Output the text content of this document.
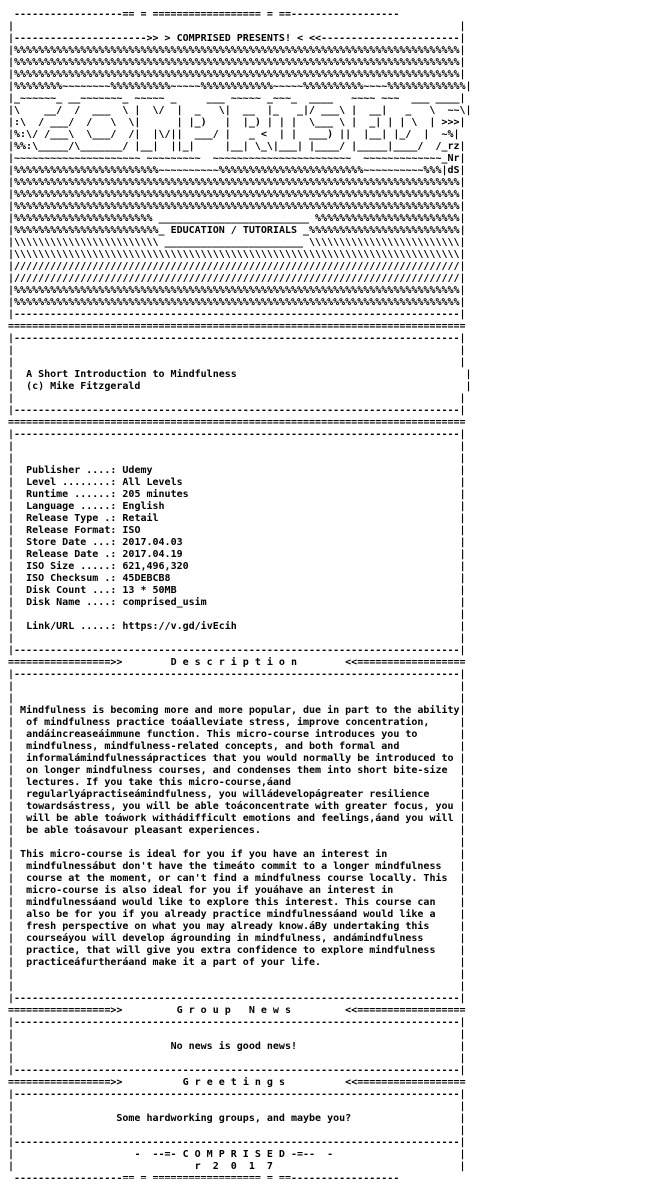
------------------== = ================== = ==------------------
|                                                                          |
|---------------------->> > COMPRISED PRESENTS! < <<-----------------------|
|%%%%%%%%%%%%%%%%%%%%%%%%%%%%%%%%%%%%%%%%%%%%%%%%%%%%%%%%%%%%%%%%%%%%%%%%%%|
|%%%%%%%%%%%%%%%%%%%%%%%%%%%%%%%%%%%%%%%%%%%%%%%%%%%%%%%%%%%%%%%%%%%%%%%%%%|
|%%%%%%%%%%%%%%%%%%%%%%%%%%%%%%%%%%%%%%%%%%%%%%%%%%%%%%%%%%%%%%%%%%%%%%%%%%|
|%%%%%%%%~~~~~~~~%%%%%%%%%%~~~~~%%%%%%%%%%%%~~~~~%%%%%%%%%%~~~~%%%%%%%%%%%%%|
|_~~~~~~_ __~~~~~~~_ ~~~~~ _     ___ ~~~~~ _~~~_  ____   ~~~~ ~~~  ___ ____|
|\    __/  /  ___  \ |  \/  |  _   \|  __  |_   _|/ ___\ |  __|   _   \  ~~\|
|:\  / ___/  /   \  \|      | |_)   |  |_) | | |  \___ \ |  _| | | \  | >>>|
|%:\/ /___\  \___/  /|  |\/||  ___/ |   _ <  | |  ___) ||  |__| |_/  |  ~%|
|%%:\_____/\_______/ |__|  ||_|     |__| \_\|___| |____/ |_____|____/  /_rz|
|~~~~~~~~~~~~~~~~~~~~~ ~~~~~~~~~  ~~~~~~~~~~~~~~~~~~~~~~~  ~~~~~~~~~~~~~_Nr|
|%%%%%%%%%%%%%%%%%%%%%%%%~~~~~~~~~~%%%%%%%%%%%%%%%%%%%%%%%%~~~~~~~~~~%%%|dS|
|%%%%%%%%%%%%%%%%%%%%%%%%%%%%%%%%%%%%%%%%%%%%%%%%%%%%%%%%%%%%%%%%%%%%%%%%%%|
|%%%%%%%%%%%%%%%%%%%%%%%%%%%%%%%%%%%%%%%%%%%%%%%%%%%%%%%%%%%%%%%%%%%%%%%%%%|
|%%%%%%%%%%%%%%%%%%%%%%%%%%%%%%%%%%%%%%%%%%%%%%%%%%%%%%%%%%%%%%%%%%%%%%%%%%|
|%%%%%%%%%%%%%%%%%%%%%%% _________________________ %%%%%%%%%%%%%%%%%%%%%%%%|
|%%%%%%%%%%%%%%%%%%%%%%%%_ EDUCATION / TUTORIALS _%%%%%%%%%%%%%%%%%%%%%%%%%|
|\\\\\\\\\\\\\\\\\\\\\\\\ _______________________ \\\\\\\\\\\\\\\\\\\\\\\\\|
|\\\\\\\\\\\\\\\\\\\\\\\\\\\\\\\\\\\\\\\\\\\\\\\\\\\\\\\\\\\\\\\\\\\\\\\\\\|
|//////////////////////////////////////////////////////////////////////////|
|//////////////////////////////////////////////////////////////////////////|
|%%%%%%%%%%%%%%%%%%%%%%%%%%%%%%%%%%%%%%%%%%%%%%%%%%%%%%%%%%%%%%%%%%%%%%%%%%|
|%%%%%%%%%%%%%%%%%%%%%%%%%%%%%%%%%%%%%%%%%%%%%%%%%%%%%%%%%%%%%%%%%%%%%%%%%%|
|--------------------------------------------------------------------------|
============================================================================
|--------------------------------------------------------------------------|
|                                                                          |
|                                                                          |
|  A Short Introduction to Mindfulness                                      |
|  (c) Mike Fitzgerald                                                      |
|                                                                          |
|--------------------------------------------------------------------------|
============================================================================
|--------------------------------------------------------------------------|
|                                                                          |
|                                                                          |
|  Publisher ....: Udemy                                                   |
|  Level ........: All Levels                                              |
|  Runtime ......: 205 minutes                                             |
|  Language .....: English                                                 |
|  Release Type .: Retail                                                  |
|  Release Format: ISO                                                     |
|  Store Date ...: 2017.04.03                                              |
|  Release Date .: 2017.04.19                                              |
|  ISO Size .....: 621,496,320                                             |
|  ISO Checksum .: 45DEBCB8                                                |
|  Disk Count ...: 13 * 50MB                                               |
|  Disk Name ....: comprised_usim                                          |
|                                                                          |
|  Link/URL .....: https://v.gd/ivEcih                                     |
|                                                                          |
|--------------------------------------------------------------------------|
=================>>        D e s c r i p t i o n        <<==================
|--------------------------------------------------------------------------|
|                                                                          |
|                                                                          |
| Mindfulness is becoming more and more popular, due in part to the ability|
|  of mindfulness practice toáalleviate stress, improve concentration,     |
|  andáincreaseáimmune function. This micro-course introduces you to       |
|  mindfulness, mindfulness-related concepts, and both formal and          |
|  informalámindfulnessápractices that you would normally be introduced to |
|  on longer mindfulness courses, and condenses them into short bite-size  |
|  lectures. If you take this micro-course,áand                            |
|  regularlyápractiseámindfulness, you willádevelopágreater resilience     |
|  towardsástress, you will be able toáconcentrate with greater focus, you |
|  will be able toáwork withádifficult emotions and feelings,áand you will |
|  be able toásavour pleasant experiences.                                 |
|                                                                          |
| This micro-course is ideal for you if you have an interest in            |
|  mindfulnessábut don't have the timeáto commit to a longer mindfulness   |
|  course at the moment, or can't find a mindfulness course locally. This  |
|  micro-course is also ideal for you if youáhave an interest in           |
|  mindfulnessáand would like to explore this interest. This course can    |
|  also be for you if you already practice mindfulnessáand would like a    |
|  fresh perspective on what you may already know.áBy undertaking this     |
|  courseáyou will develop ágrounding in mindfulness, andámindfulness      |
|  practice, that will give you extra confidence to explore mindfulness    |
|  practiceáfurtheráand make it a part of your life.                       |
|                                                                          |
|                                                                          |
|--------------------------------------------------------------------------|
=================>>         G r o u p   N e w s         <<==================
|--------------------------------------------------------------------------|
|                                                                          |
|                          No news is good news!                           |
|                                                                          |
|--------------------------------------------------------------------------|
=================>>          G r e e t i n g s          <<==================
|--------------------------------------------------------------------------|
|                                                                          |
|                 Some hardworking groups, and maybe you?                  |
|                                                                          |
|--------------------------------------------------------------------------|
|                    -  --=- C O M P R I S E D -=--  -                     |
|                              r  2  0  1  7                               |
------------------== = ================== = ==------------------
